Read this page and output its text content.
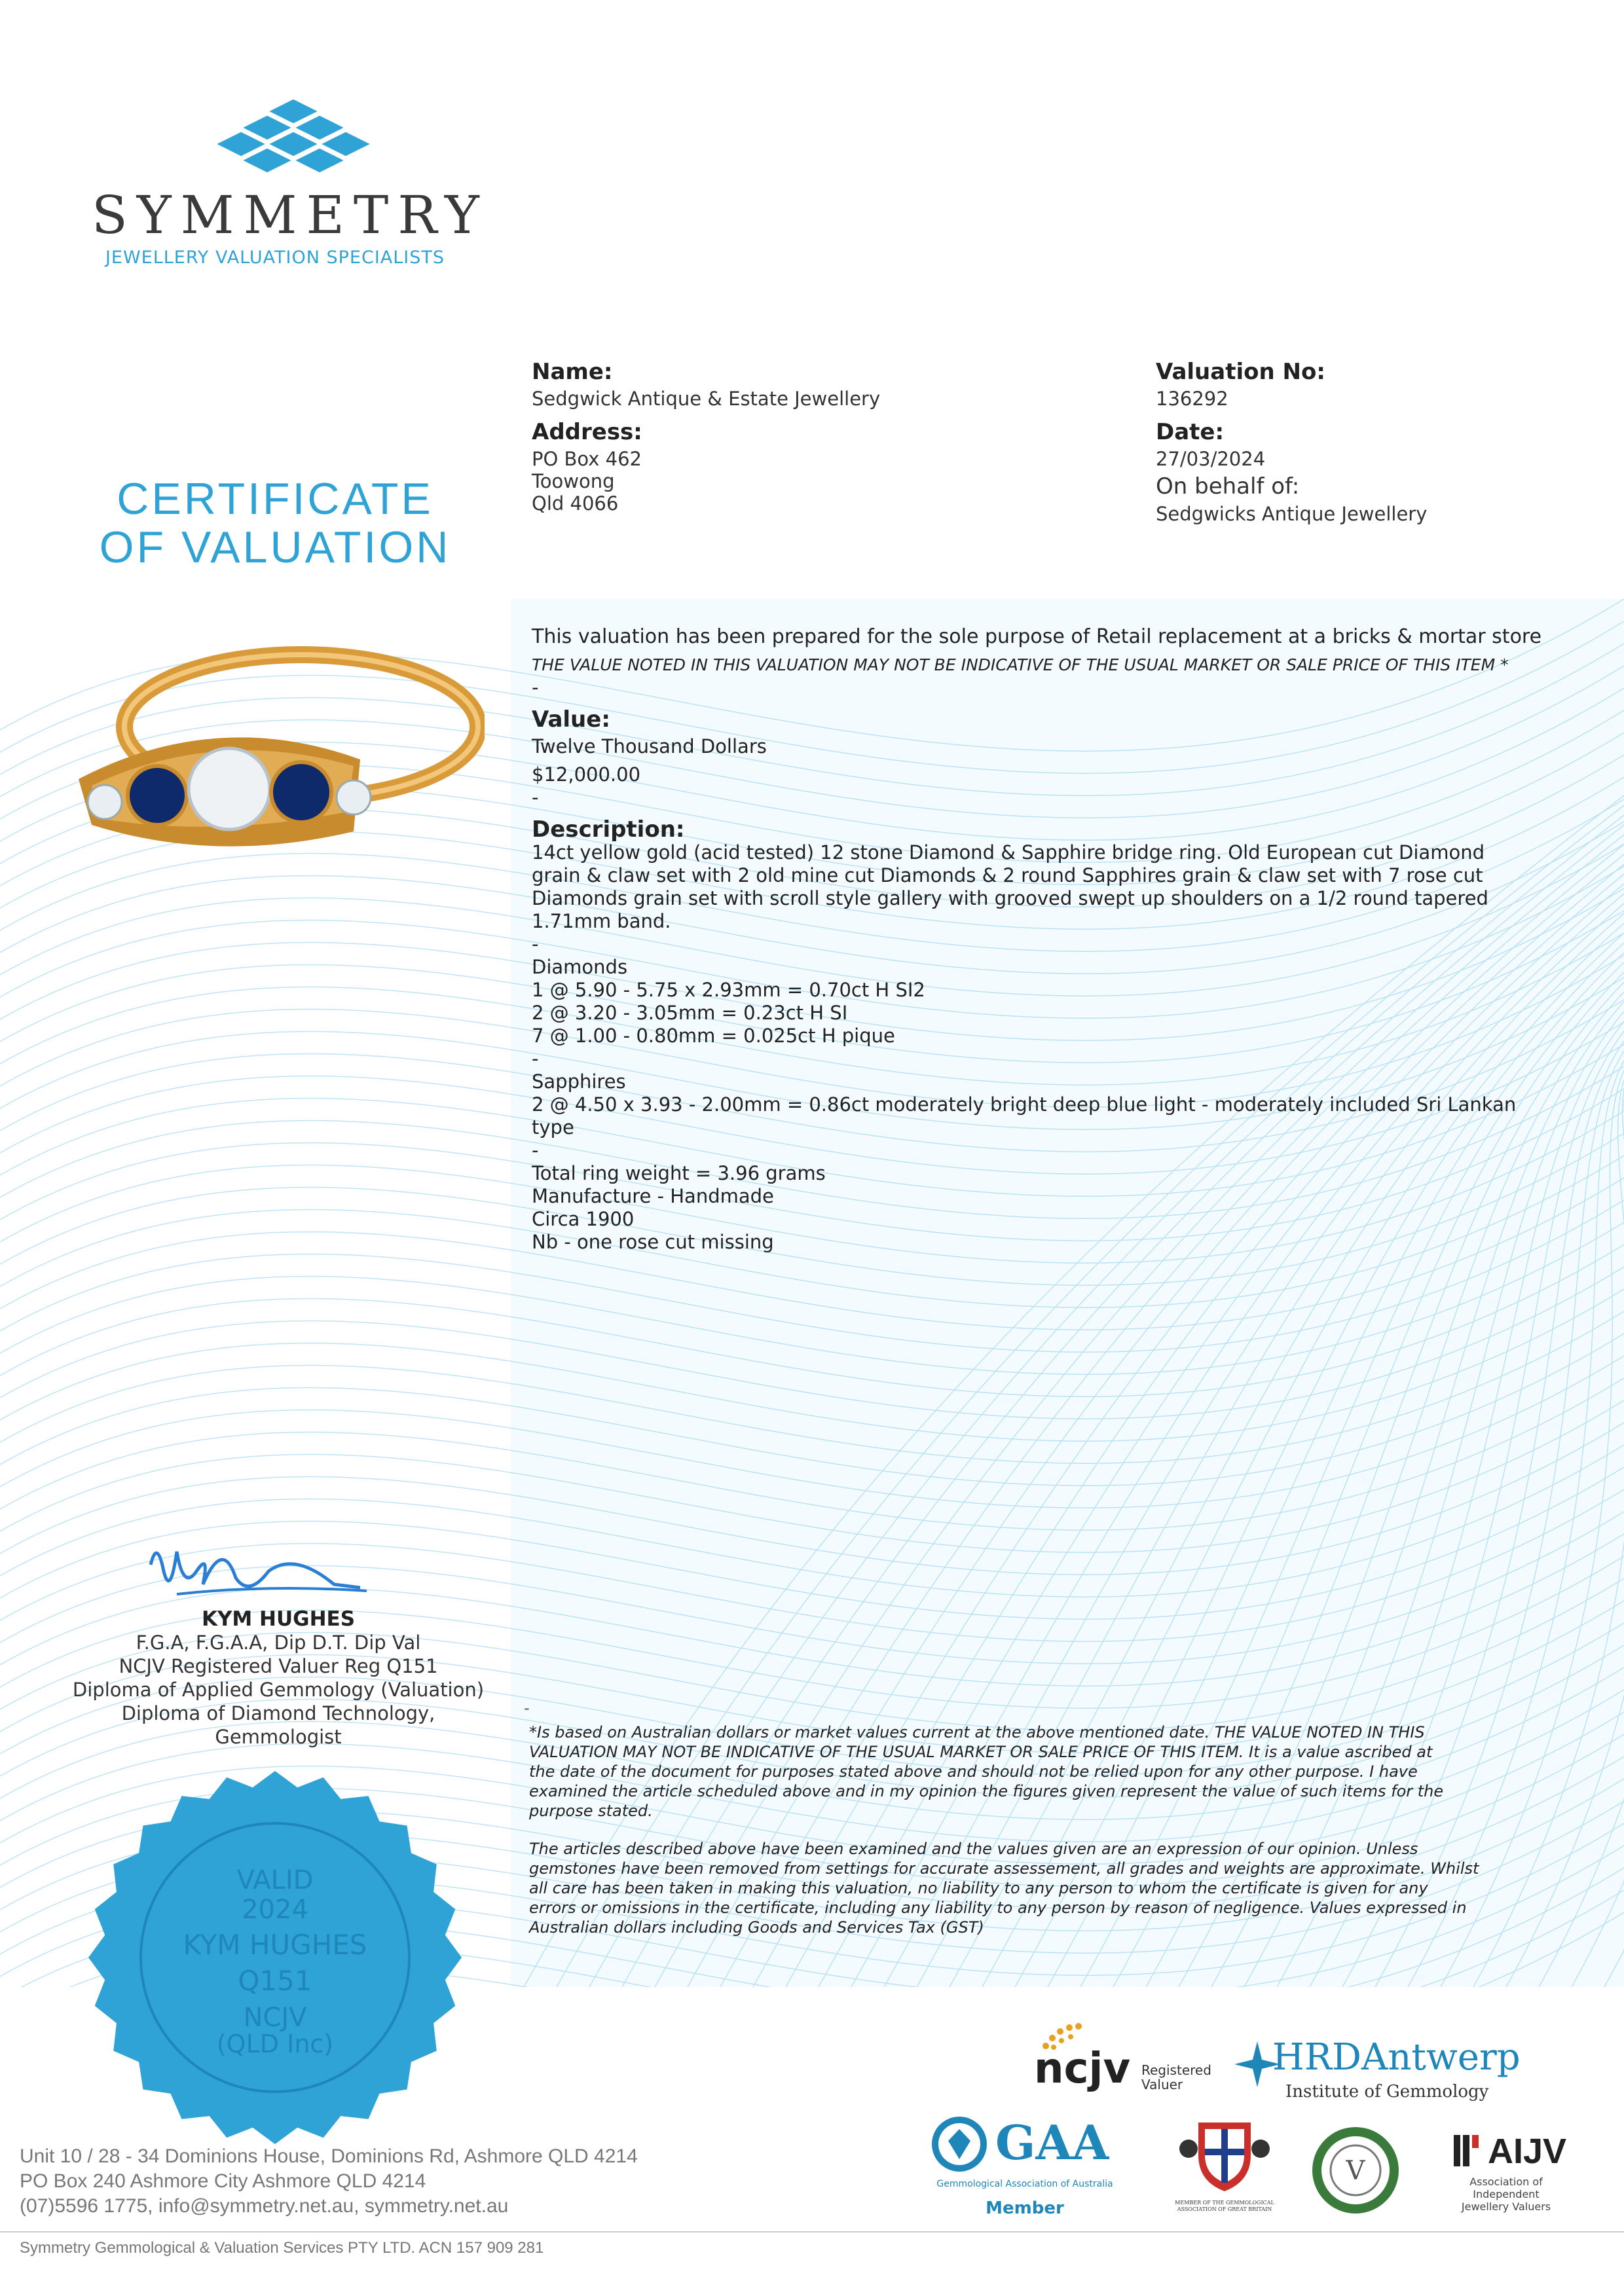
SYMMETRY
JEWELLERY VALUATION SPECIALISTS
CERTIFICATE
OF VALUATION
Name:
Sedgwick Antique & Estate Jewellery
Address:
PO Box 462
Toowong
Qld 4066
Valuation No:
136292
Date:
27/03/2024
On behalf of:
Sedgwicks Antique Jewellery
This valuation has been prepared for the sole purpose of Retail replacement at a bricks & mortar store
THE VALUE NOTED IN THIS VALUATION MAY NOT BE INDICATIVE OF THE USUAL MARKET OR SALE PRICE OF THIS ITEM *
-
Value:
Twelve Thousand Dollars
$12,000.00
-
Description:
14ct yellow gold (acid tested) 12 stone Diamond & Sapphire bridge ring. Old European cut Diamond
grain & claw set with 2 old mine cut Diamonds & 2 round Sapphires grain & claw set with 7 rose cut
Diamonds grain set with scroll style gallery with grooved swept up shoulders on a 1/2 round tapered
1.71mm band.
-
Diamonds
1 @ 5.90 - 5.75 x 2.93mm = 0.70ct H SI2
2 @ 3.20 - 3.05mm = 0.23ct H SI
7 @ 1.00 - 0.80mm = 0.025ct H pique
-
Sapphires
2 @ 4.50 x 3.93 - 2.00mm = 0.86ct moderately bright deep blue light - moderately included Sri Lankan
type
-
Total ring weight = 3.96 grams
Manufacture - Handmade
Circa 1900
Nb - one rose cut missing
KYM HUGHES
F.G.A, F.G.A.A, Dip D.T. Dip Val
NCJV Registered Valuer Reg Q151
Diploma of Applied Gemmology (Valuation)
Diploma of Diamond Technology,
Gemmologist
VALID
2024
KYM HUGHES
Q151
NCJV
(QLD Inc)
-
*Is based on Australian dollars or market values current at the above mentioned date. THE VALUE NOTED IN THIS
VALUATION MAY NOT BE INDICATIVE OF THE USUAL MARKET OR SALE PRICE OF THIS ITEM. It is a value ascribed at
the date of the document for purposes stated above and should not be relied upon for any other purpose. I have
examined the article scheduled above and in my opinion the figures given represent the value of such items for the
purpose stated.
The articles described above have been examined and the values given are an expression of our opinion. Unless
gemstones have been removed from settings for accurate assessement, all grades and weights are approximate. Whilst
all care has been taken in making this valuation, no liability to any person to whom the certificate is given for any
errors or omissions in the certificate, including any liability to any person by reason of negligence. Values expressed in
Australian dollars including Goods and Services Tax (GST)
ncjv Registered
Valuer
HRDAntwerp
Institute of Gemmology
GAA
Gemmological Association of Australia
Member	MEMBER OF THE GEMMOLOGICAL
ASSOCIATION OF GREAT BRITAIN
V	AIJV
Association of
Independent
Jewellery Valuers
Unit 10 / 28 - 34 Dominions House, Dominions Rd, Ashmore QLD 4214
PO Box 240 Ashmore City Ashmore QLD 4214
(07)5596 1775, info@symmetry.net.au, symmetry.net.au
Symmetry Gemmological & Valuation Services PTY LTD. ACN 157 909 281
